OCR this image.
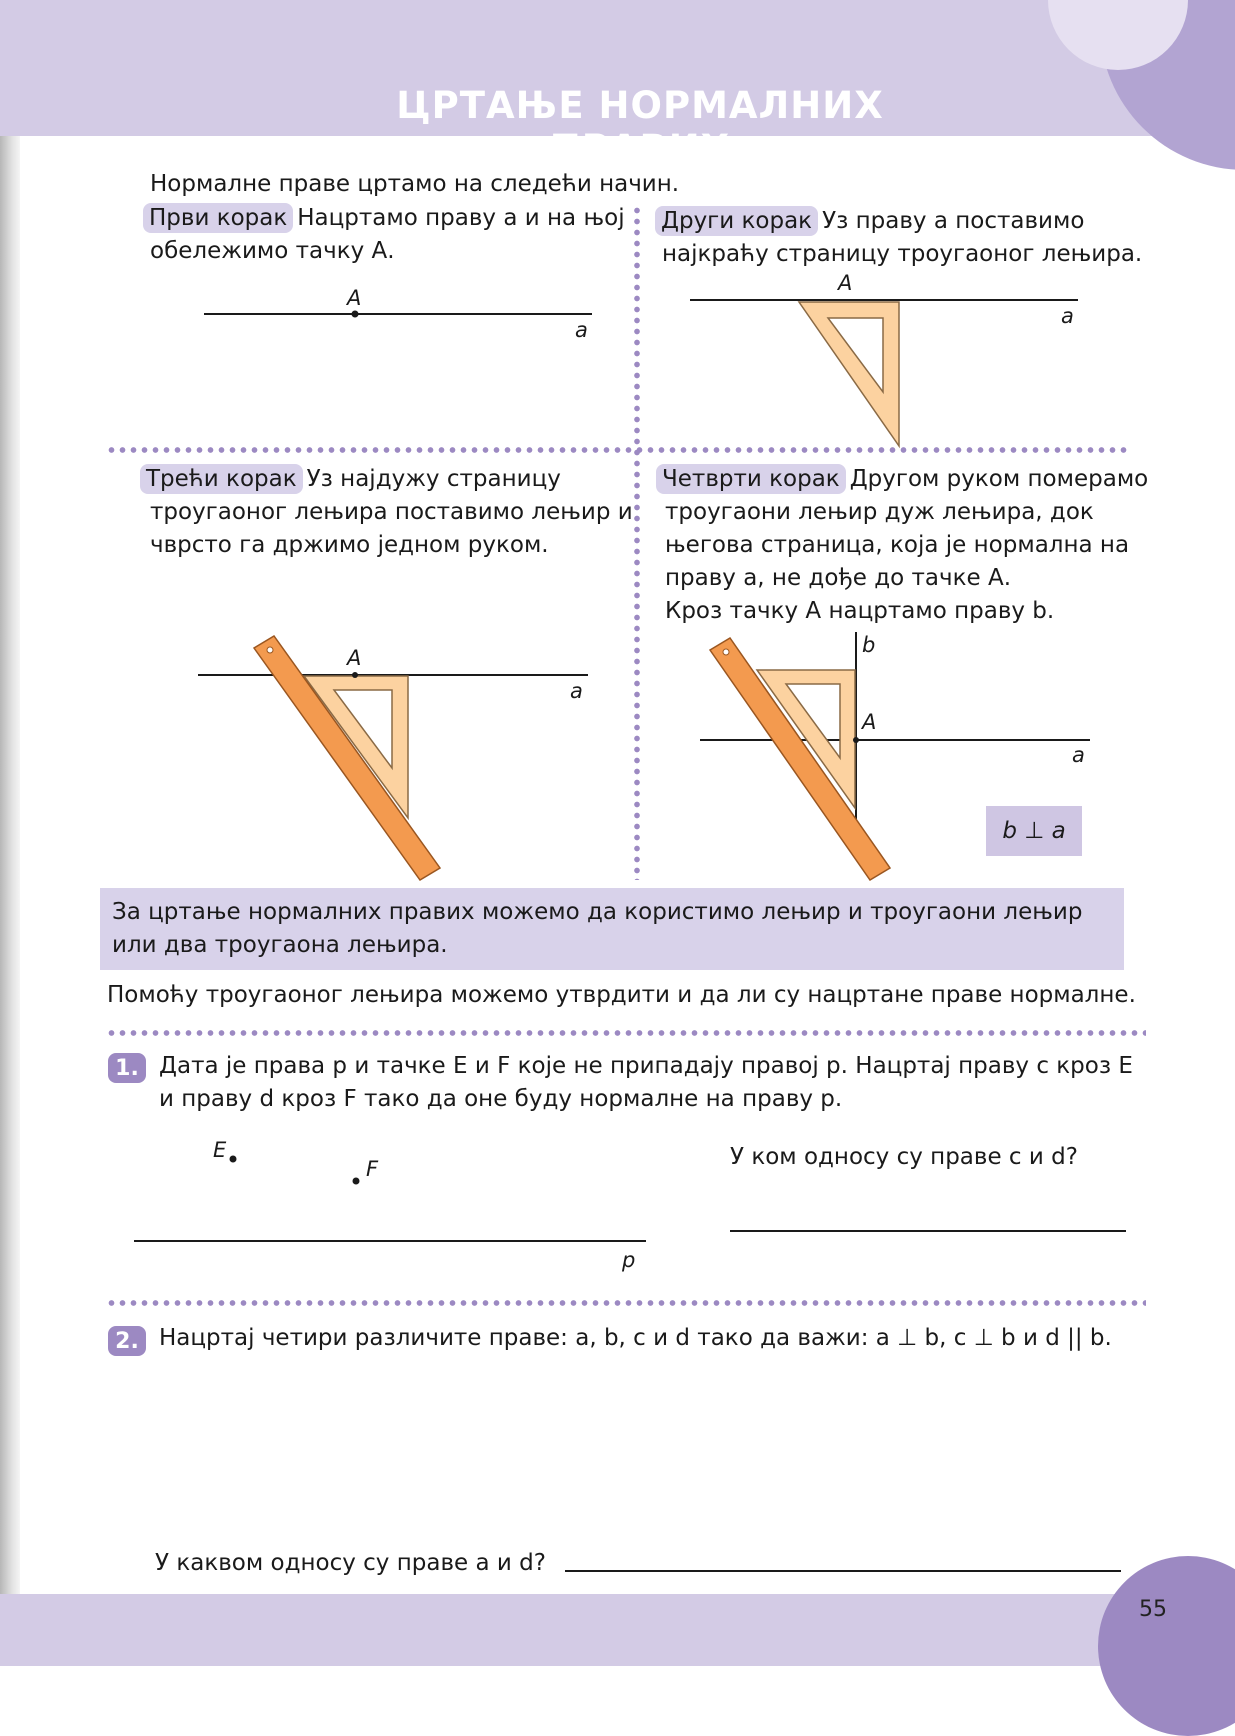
ЦРТАЊЕ НОРМАЛНИХ ПРАВИХ
Нормалне праве цртамо на следећи начин.
Први корак Нацртамо праву а и на њој
обележимо тачку А.
Други корак Уз праву а поставимо
најкраћу страницу троугаоног лењира.
Трећи корак Уз најдужу страницу
троугаоног лењира поставимо лењир и
чврсто га држимо једном руком.
Четврти корак Другом руком померамо
троугаони лењир дуж лењира, док
његова страница, која је нормална на
праву а, не дође до тачке А.
Кроз тачку А нацртамо праву b.
A
a
A
a
A
a
A
a
b
E
F
p
b ⊥ a
За цртање нормалних правих можемо да користимо лењир и троугаони лењир
или два троугаона лењира.
Помоћу троугаоног лењира можемо утврдити и да ли су нацртане праве нормалне.
1. Дата је права p и тачке E и F које не припадају правој p. Нацртај праву c кроз Е
и праву d кроз F тако да оне буду нормалне на праву p.
У ком односу су праве c и d?
2. Нацртај четири различите праве: a, b, c и d тако да важи: a ⊥ b, c ⊥ b и d || b.
У каквом односу су праве a и d?
55
